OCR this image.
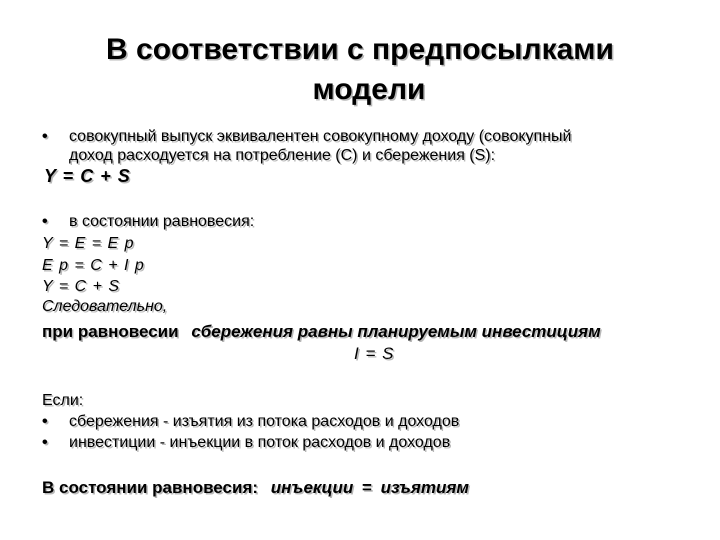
В соответствии с предпосылками
модели
• совокупный выпуск эквивалентен совокупному доходу (совокупный
доход расходуется на потребление (С) и сбережения (S):
Y = C + S
• в состоянии равновесия:
Y = E = E p
E p = C + I p
Y = C + S
Следовательно,
при равновесии сбережения равны планируемым инвестициям
I = S
Если:
• сбережения - изъятия из потока расходов и доходов
• инвестиции - инъекции в поток расходов и доходов
В состоянии равновесия: инъекции = изъятиям
